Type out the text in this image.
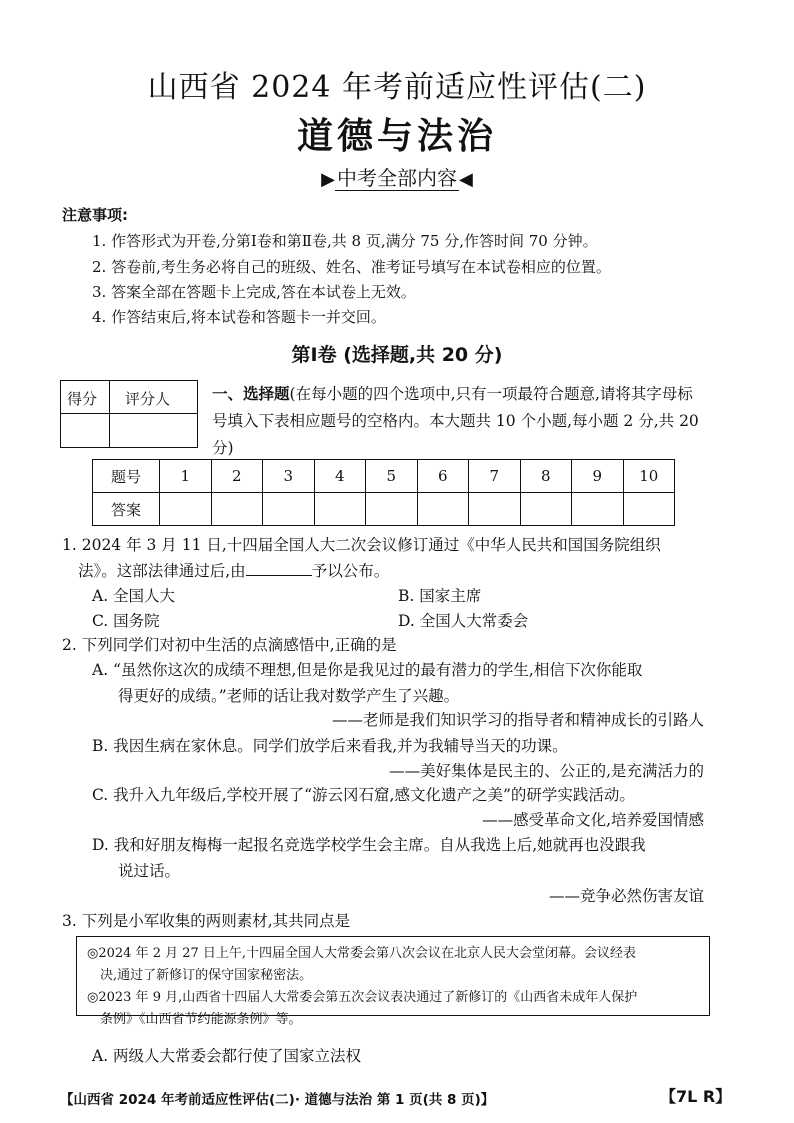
山西省 2024 年考前适应性评估(二)
道德与法治
▶ 中考全部内容 ◀
注意事项:
1. 作答形式为开卷,分第Ⅰ卷和第Ⅱ卷,共 8 页,满分 75 分,作答时间 70 分钟。
2. 答卷前,考生务必将自己的班级、姓名、准考证号填写在本试卷相应的位置。
3. 答案全部在答题卡上完成,答在本试卷上无效。
4. 作答结束后,将本试卷和答题卡一并交回。
第Ⅰ卷 (选择题,共 20 分)
得分 评分人	一、选择题(在每小题的四个选项中,只有一项最符合题意,请将其字母标号填入下表相应题号的空格内。本大题共 10 个小题,每小题 2 分,共 20 分)
题号	1	2	3	4	5	6	7	8	9	10
答案										
1. 2024 年 3 月 11 日,十四届全国人大二次会议修订通过《中华人民共和国国务院组织
法》。这部法律通过后,由	予以公布。
A. 全国人大	B. 国家主席
C. 国务院	D. 全国人大常委会
2. 下列同学们对初中生活的点滴感悟中,正确的是
A. “虽然你这次的成绩不理想,但是你是我见过的最有潜力的学生,相信下次你能取
得更好的成绩。”老师的话让我对数学产生了兴趣。
——老师是我们知识学习的指导者和精神成长的引路人
B. 我因生病在家休息。同学们放学后来看我,并为我辅导当天的功课。
——美好集体是民主的、公正的,是充满活力的
C. 我升入九年级后,学校开展了“游云冈石窟,感文化遗产之美”的研学实践活动。
——感受革命文化,培养爱国情感
D. 我和好朋友梅梅一起报名竞选学校学生会主席。自从我选上后,她就再也没跟我
说过话。
——竞争必然伤害友谊
3. 下列是小军收集的两则素材,其共同点是
◎2024 年 2 月 27 日上午,十四届全国人大常委会第八次会议在北京人民大会堂闭幕。会议经表
决,通过了新修订的保守国家秘密法。
◎2023 年 9 月,山西省十四届人大常委会第五次会议表决通过了新修订的《山西省未成年人保护
条例》《山西省节约能源条例》等。
A. 两级人大常委会都行使了国家立法权
【山西省 2024 年考前适应性评估(二)· 道德与法治 第 1 页(共 8 页)】	【7L R】
